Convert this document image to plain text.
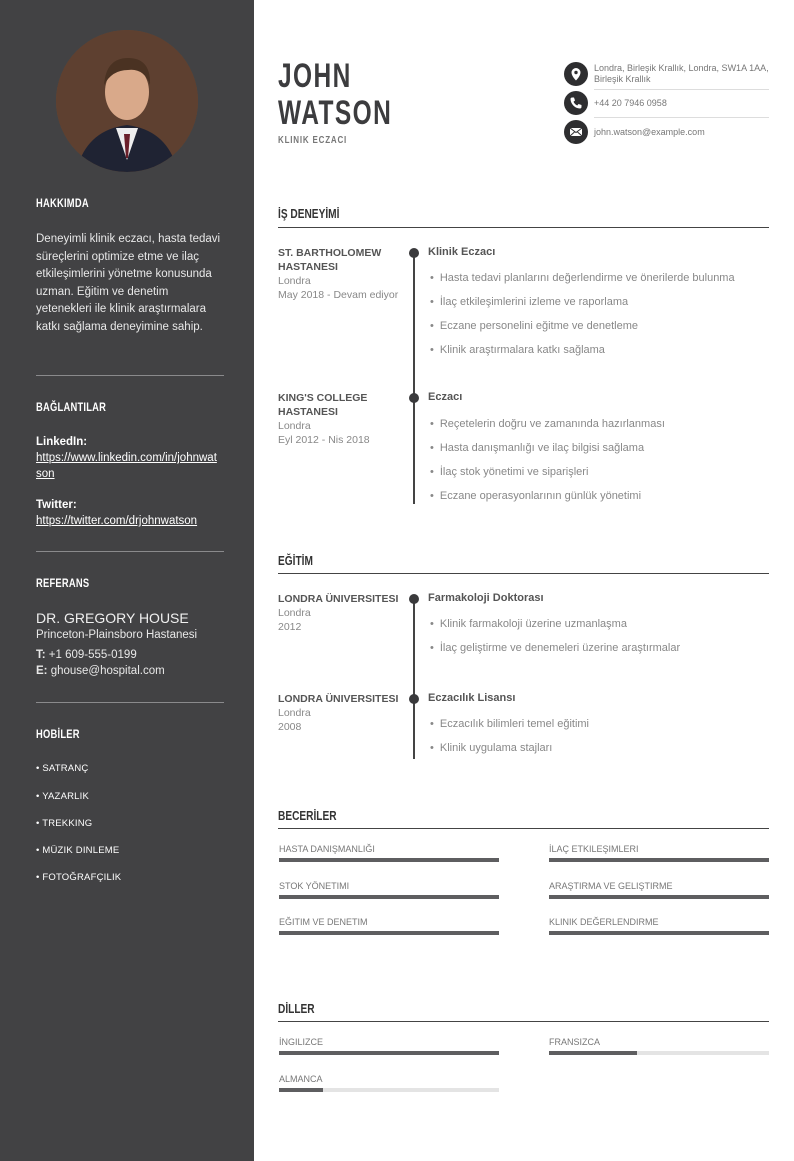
HAKKIMDA
Deneyimli klinik eczacı, hasta tedavi süreçlerini optimize etme ve ilaç etkileşimlerini yönetme konusunda uzman. Eğitim ve denetim yetenekleri ile klinik araştırmalara katkı sağlama deneyimine sahip.
BAĞLANTILAR
LinkedIn:
https://www.linkedin.com/in/johnwatson
Twitter:
https://twitter.com/drjohnwatson
REFERANS
DR. GREGORY HOUSE
Princeton-Plainsboro Hastanesi
T: +1 609-555-0199
E: ghouse@hospital.com
HOBİLER
• SATRANÇ
• YAZARLIK
• TREKKING
• MÜZIK DINLEME
• FOTOĞRAFÇILIK
JOHN
WATSON
KLINIK ECZACI
Londra, Birleşik Krallık, Londra, SW1A 1AA, Birleşik Krallık
+44 20 7946 0958
john.watson@example.com
İŞ DENEYİMİ
ST. BARTHOLOMEW HASTANESI
Londra
May 2018 - Devam ediyor
Klinik Eczacı
• Hasta tedavi planlarını değerlendirme ve önerilerde bulunma
• İlaç etkileşimlerini izleme ve raporlama
• Eczane personelini eğitme ve denetleme
• Klinik araştırmalara katkı sağlama
KING'S COLLEGE HASTANESI
Londra
Eyl 2012 - Nis 2018
Eczacı
• Reçetelerin doğru ve zamanında hazırlanması
• Hasta danışmanlığı ve ilaç bilgisi sağlama
• İlaç stok yönetimi ve siparişleri
• Eczane operasyonlarının günlük yönetimi
EĞİTİM
LONDRA ÜNIVERSITESI
Londra
2012
Farmakoloji Doktorası
• Klinik farmakoloji üzerine uzmanlaşma
• İlaç geliştirme ve denemeleri üzerine araştırmalar
LONDRA ÜNIVERSITESI
Londra
2008
Eczacılık Lisansı
• Eczacılık bilimleri temel eğitimi
• Klinik uygulama stajları
BECERİLER
HASTA DANIŞMANLIĞI	İLAÇ ETKILEŞIMLERI
STOK YÖNETIMI	ARAŞTIRMA VE GELIŞTIRME
EĞITIM VE DENETIM	KLINIK DEĞERLENDIRME
DİLLER
İNGILIZCE	FRANSIZCA
ALMANCA
